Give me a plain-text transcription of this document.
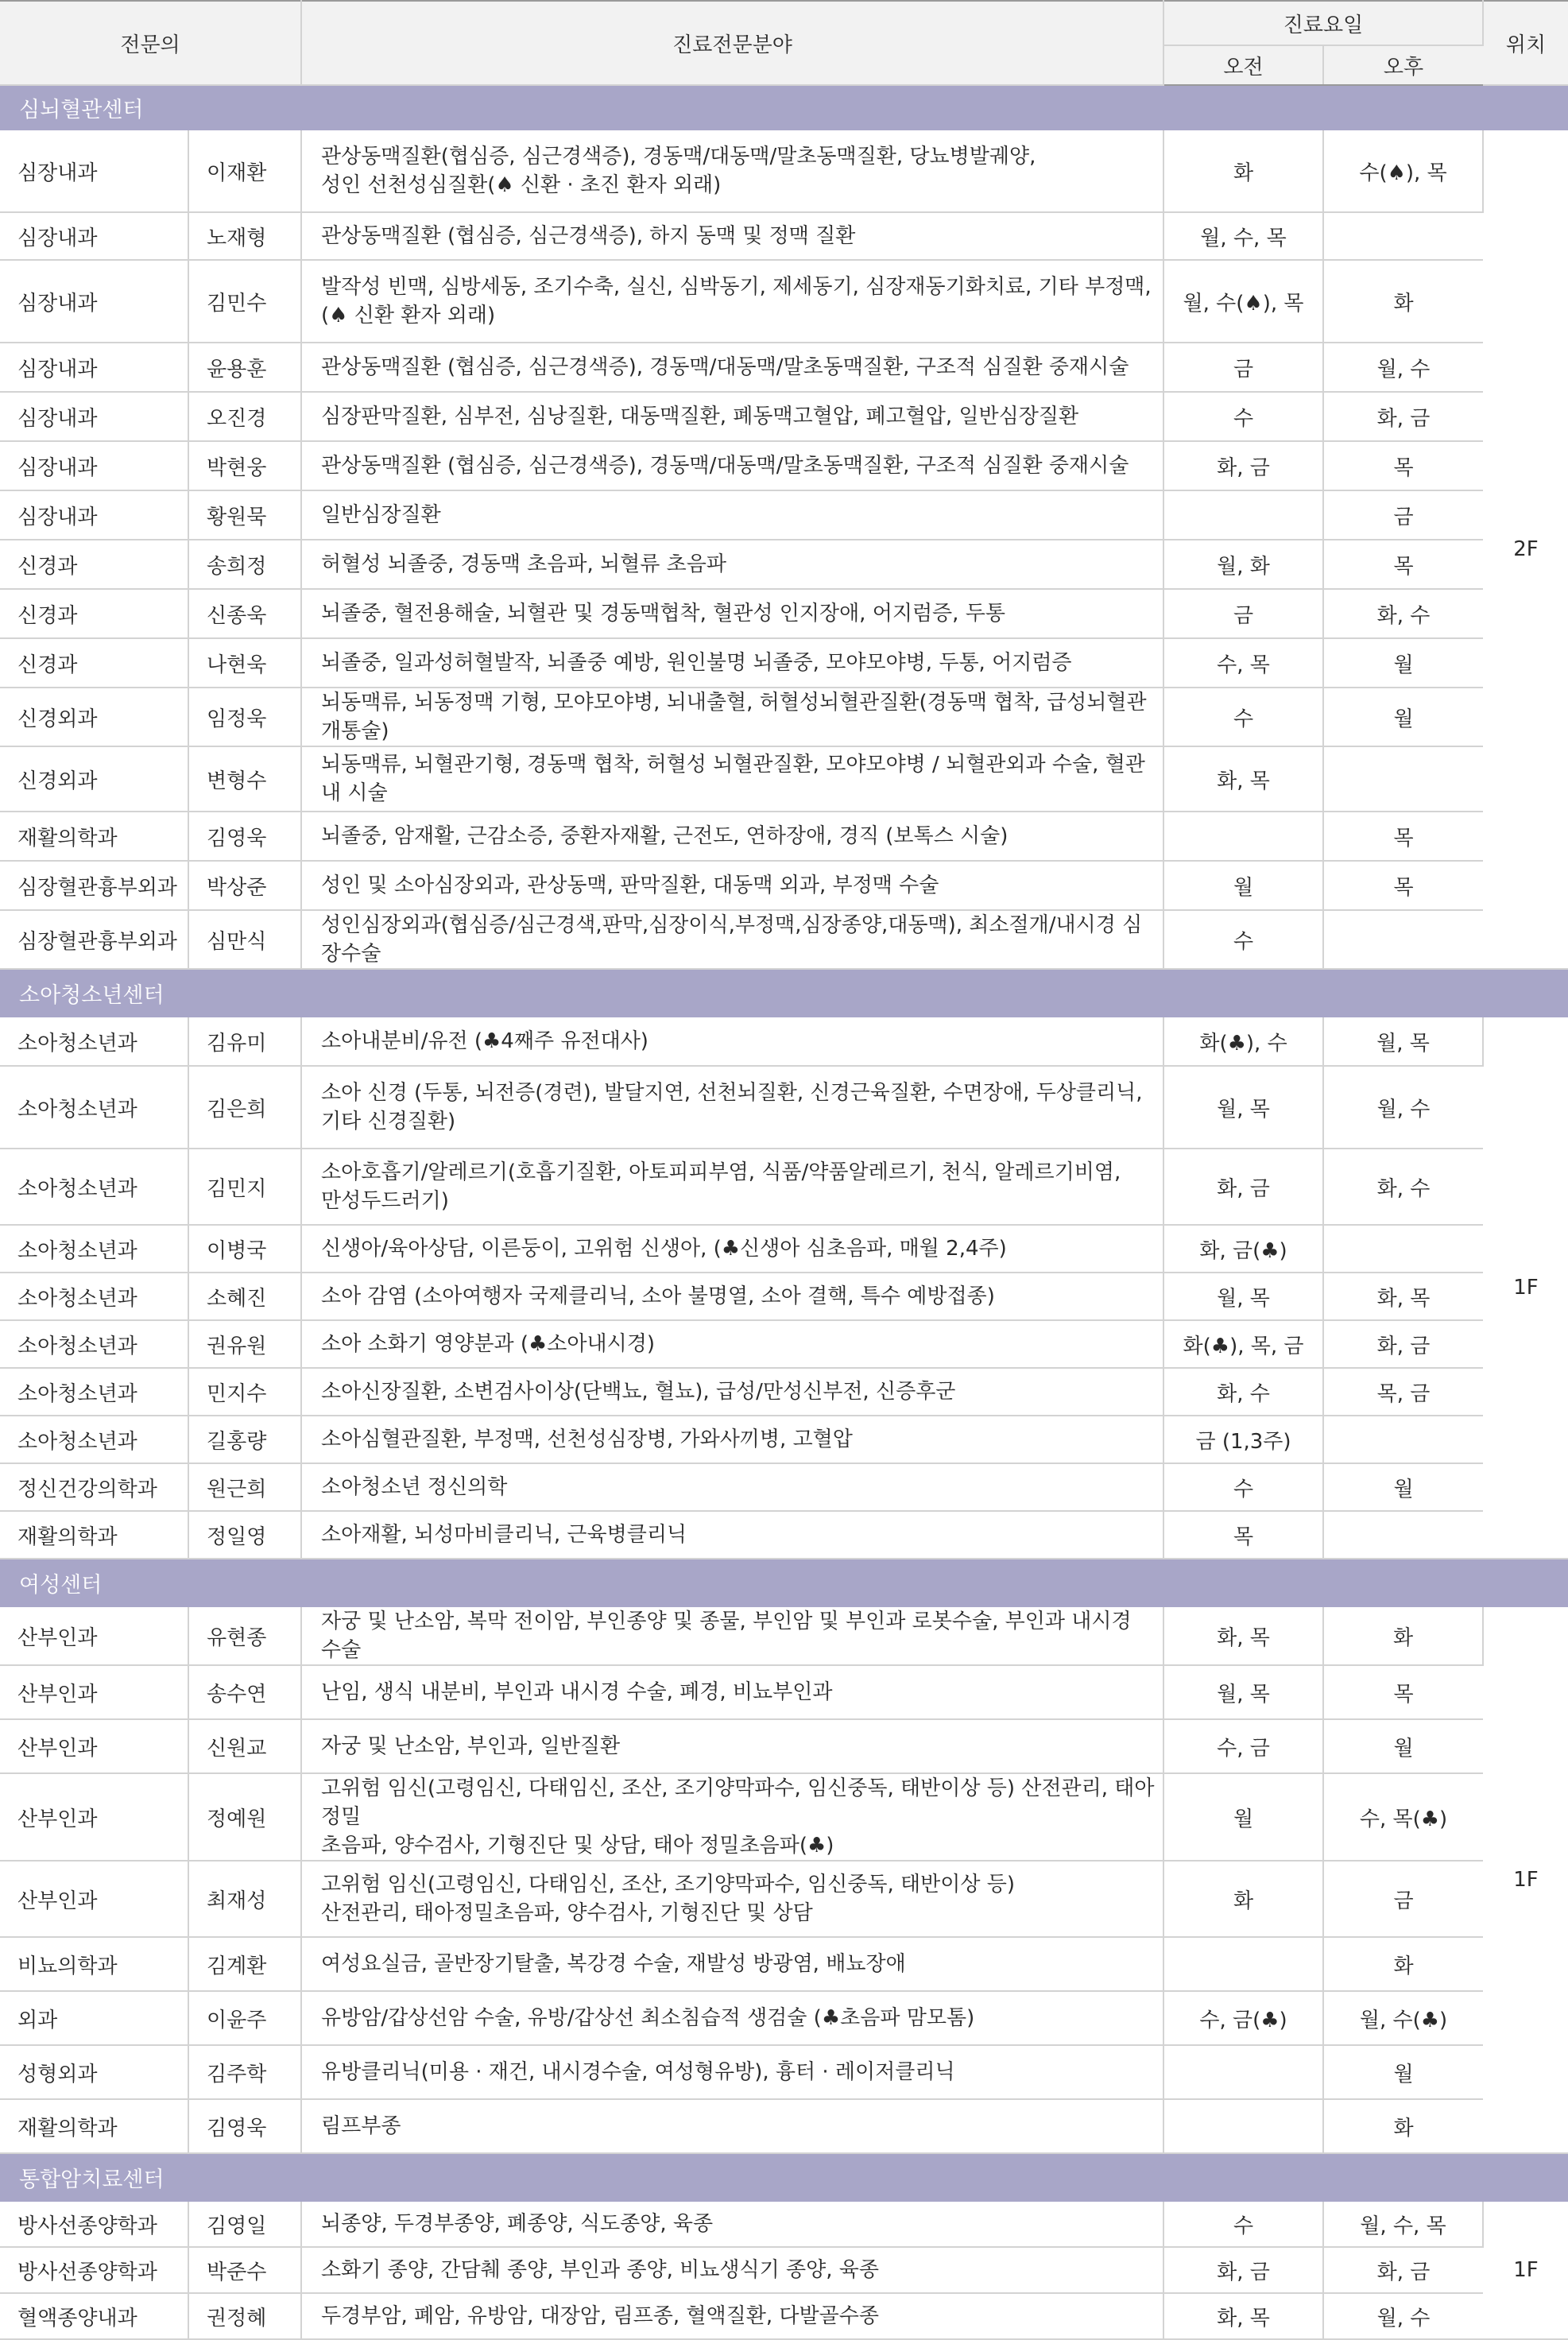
전문의		진료전문분야	진료요일		위치
			오전	오후	
심뇌혈관센터					
심장내과	이재환	관상동맥질환(협심증, 심근경색증), 경동맥/대동맥/말초동맥질환, 당뇨병발궤양,
성인 선천성심질환(♠ 신환 · 초진 환자 외래)	화	수(♠), 목	2F
심장내과	노재형	관상동맥질환 (협심증, 심근경색증), 하지 동맥 및 정맥 질환	월, 수, 목		
심장내과	김민수	발작성 빈맥, 심방세동, 조기수축, 실신, 심박동기, 제세동기, 심장재동기화치료, 기타 부정맥,
(♠ 신환 환자 외래)	월, 수(♠), 목	화	
심장내과	윤용훈	관상동맥질환 (협심증, 심근경색증), 경동맥/대동맥/말초동맥질환, 구조적 심질환 중재시술	금	월, 수	
심장내과	오진경	심장판막질환, 심부전, 심낭질환, 대동맥질환, 폐동맥고혈압, 폐고혈압, 일반심장질환	수	화, 금	
심장내과	박현웅	관상동맥질환 (협심증, 심근경색증), 경동맥/대동맥/말초동맥질환, 구조적 심질환 중재시술	화, 금	목	
심장내과	황원묵	일반심장질환		금	
신경과	송희정	허혈성 뇌졸중, 경동맥 초음파, 뇌혈류 초음파	월, 화	목	
신경과	신종욱	뇌졸중, 혈전용해술, 뇌혈관 및 경동맥협착, 혈관성 인지장애, 어지럼증, 두통	금	화, 수	
신경과	나현욱	뇌졸중, 일과성허혈발작, 뇌졸중 예방, 원인불명 뇌졸중, 모야모야병, 두통, 어지럼증	수, 목	월	
신경외과	임정욱	뇌동맥류, 뇌동정맥 기형, 모야모야병, 뇌내출혈, 허혈성뇌혈관질환(경동맥 협착, 급성뇌혈관개통술)	수	월	
신경외과	변형수	뇌동맥류, 뇌혈관기형, 경동맥 협착, 허혈성 뇌혈관질환, 모야모야병 / 뇌혈관외과 수술, 혈관내 시술	화, 목		
재활의학과	김영욱	뇌졸중, 암재활, 근감소증, 중환자재활, 근전도, 연하장애, 경직 (보톡스 시술)		목	
심장혈관흉부외과	박상준	성인 및 소아심장외과, 관상동맥, 판막질환, 대동맥 외과, 부정맥 수술	월	목	
심장혈관흉부외과	심만식	성인심장외과(협심증/심근경색,판막,심장이식,부정맥,심장종양,대동맥), 최소절개/내시경 심장수술	수		
소아청소년센터					
소아청소년과	김유미	소아내분비/유전 (♣4째주 유전대사)	화(♣), 수	월, 목	1F
소아청소년과	김은희	소아 신경 (두통, 뇌전증(경련), 발달지연, 선천뇌질환, 신경근육질환, 수면장애, 두상클리닉,
기타 신경질환)	월, 목	월, 수	
소아청소년과	김민지	소아호흡기/알레르기(호흡기질환, 아토피피부염, 식품/약품알레르기, 천식, 알레르기비염,
만성두드러기)	화, 금	화, 수	
소아청소년과	이병국	신생아/육아상담, 이른둥이, 고위험 신생아, (♣신생아 심초음파, 매월 2,4주)	화, 금(♣)		
소아청소년과	소혜진	소아 감염 (소아여행자 국제클리닉, 소아 불명열, 소아 결핵, 특수 예방접종)	월, 목	화, 목	
소아청소년과	권유원	소아 소화기 영양분과 (♣소아내시경)	화(♣), 목, 금	화, 금	
소아청소년과	민지수	소아신장질환, 소변검사이상(단백뇨, 혈뇨), 급성/만성신부전, 신증후군	화, 수	목, 금	
소아청소년과	길홍량	소아심혈관질환, 부정맥, 선천성심장병, 가와사끼병, 고혈압	금 (1,3주)		
정신건강의학과	원근희	소아청소년 정신의학	수	월	
재활의학과	정일영	소아재활, 뇌성마비클리닉, 근육병클리닉	목		
여성센터					
산부인과	유현종	자궁 및 난소암, 복막 전이암, 부인종양 및 종물, 부인암 및 부인과 로봇수술, 부인과 내시경 수술	화, 목	화	1F
산부인과	송수연	난임, 생식 내분비, 부인과 내시경 수술, 폐경, 비뇨부인과	월, 목	목	
산부인과	신원교	자궁 및 난소암, 부인과, 일반질환	수, 금	월	
산부인과	정예원	고위험 임신(고령임신, 다태임신, 조산, 조기양막파수, 임신중독, 태반이상 등) 산전관리, 태아정밀
초음파, 양수검사, 기형진단 및 상담, 태아 정밀초음파(♣)	월	수, 목(♣)	
산부인과	최재성	고위험 임신(고령임신, 다태임신, 조산, 조기양막파수, 임신중독, 태반이상 등)
산전관리, 태아정밀초음파, 양수검사, 기형진단 및 상담	화	금	
비뇨의학과	김계환	여성요실금, 골반장기탈출, 복강경 수술, 재발성 방광염, 배뇨장애		화	
외과	이윤주	유방암/갑상선암 수술, 유방/갑상선 최소침습적 생검술 (♣초음파 맘모톰)	수, 금(♣)	월, 수(♣)	
성형외과	김주학	유방클리닉(미용 · 재건, 내시경수술, 여성형유방), 흉터 · 레이저클리닉		월	
재활의학과	김영욱	림프부종		화	
통합암치료센터					
방사선종양학과	김영일	뇌종양, 두경부종양, 폐종양, 식도종양, 육종	수	월, 수, 목	1F
방사선종양학과	박준수	소화기 종양, 간담췌 종양, 부인과 종양, 비뇨생식기 종양, 육종	화, 금	화, 금	
혈액종양내과	권정혜	두경부암, 폐암, 유방암, 대장암, 림프종, 혈액질환, 다발골수종	화, 목	월, 수	
